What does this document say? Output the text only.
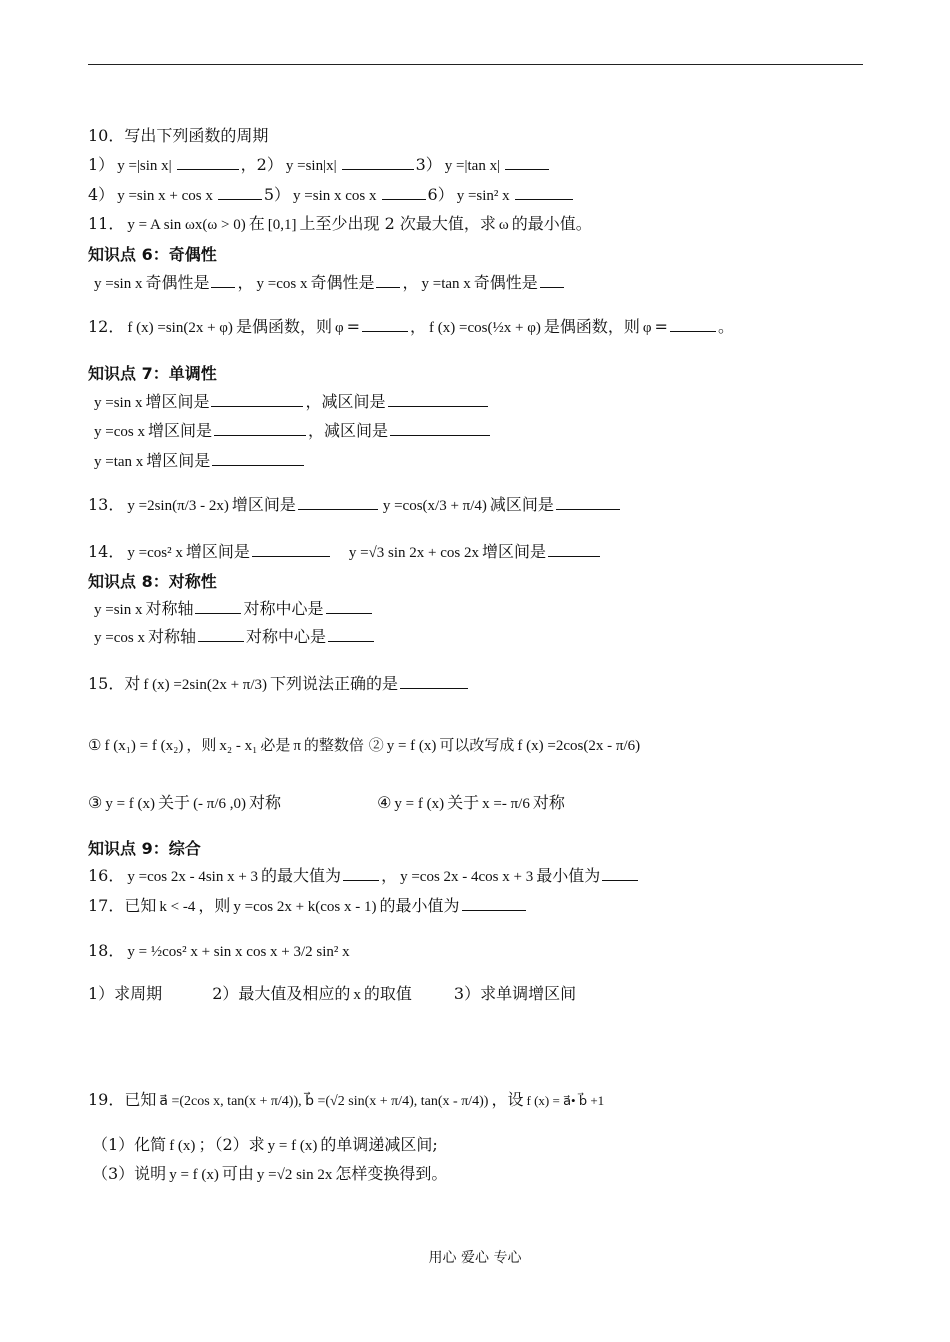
10．写出下列函数的周期
1） y =|sin x|	，2） y =sin|x|	3） y =|tan x|
4） y =sin x + cos x	5） y =sin x cos x	6） y =sin² x
11． y = A sin ωx(ω > 0) 在 [0,1] 上至少出现 2 次最大值，求 ω 的最小值。
知识点 6：奇偶性
y =sin x 奇偶性是 ， y =cos x 奇偶性是 ， y =tan x 奇偶性是
12． f (x) =sin(2x + φ) 是偶函数，则 φ =	， f (x) =cos(½x + φ) 是偶函数，则 φ =	。
知识点 7：单调性
y =sin x 增区间是	，减区间是
y =cos x 增区间是	，减区间是
y =tan x 增区间是
13． y =2sin(π/3 - 2x) 增区间是	y =cos(x/3 + π/4) 减区间是
14． y =cos² x 增区间是	y =√3 sin 2x + cos 2x 增区间是
知识点 8：对称性
y =sin x 对称轴	对称中心是
y =cos x 对称轴	对称中心是
15．对 f (x) =2sin(2x + π/3) 下列说法正确的是
① f (x₁) = f (x₂) ，则 x₂ - x₁ 必是 π 的整数倍 ② y = f (x) 可以改写成 f (x) =2cos(2x - π/6)
③ y = f (x) 关于 (- π/6 ,0) 对称	④ y = f (x) 关于 x =- π/6 对称
知识点 9：综合
16． y =cos 2x - 4sin x + 3 的最大值为	， y =cos 2x - 4cos x + 3 最小值为
17．已知 k < -4 ，则 y =cos 2x + k(cos x - 1) 的最小值为
18． y = ½cos² x + sin x cos x + 3/2 sin² x
1）求周期	2）最大值及相应的 x 的取值	3）求单调增区间
19．已知 a⃗ =(2cos x, tan(x + π/4)), b⃗ =(√2 sin(x + π/4), tan(x - π/4)) ，设 f (x) = a⃗• b⃗ +1
（1）化简 f (x) ；（2）求 y = f (x) 的单调递减区间;
（3）说明 y = f (x) 可由 y =√2 sin 2x 怎样变换得到。
用心 爱心 专心
